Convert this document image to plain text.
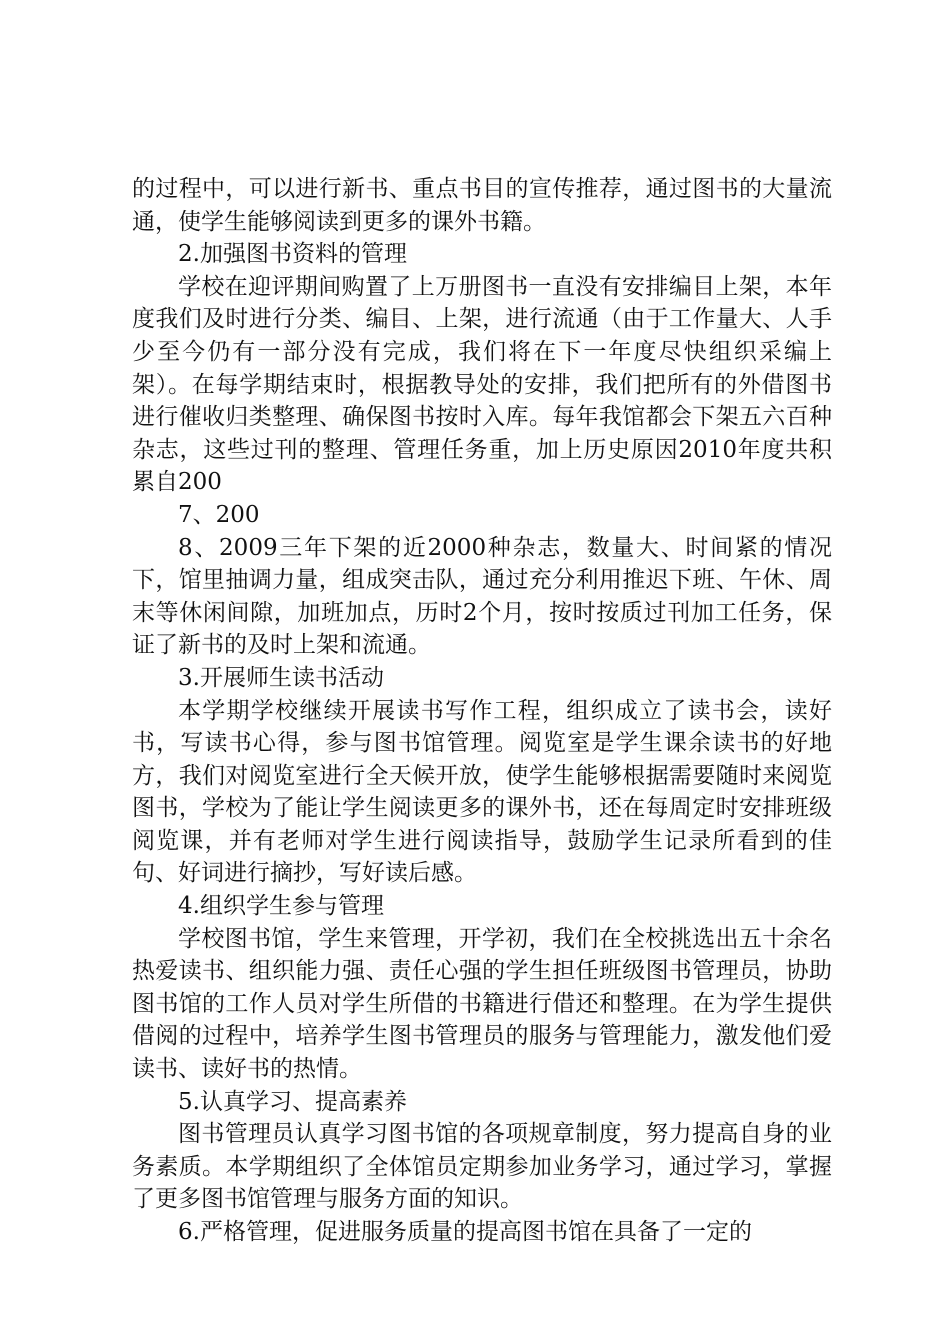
的过程中，可以进行新书、重点书目的宣传推荐，通过图书的大量流通，使学生能够阅读到更多的课外书籍。

2.加强图书资料的管理

学校在迎评期间购置了上万册图书一直没有安排编目上架，本年度我们及时进行分类、编目、上架，进行流通（由于工作量大、人手少至今仍有一部分没有完成，我们将在下一年度尽快组织采编上架）。在每学期结束时，根据教导处的安排，我们把所有的外借图书进行催收归类整理、确保图书按时入库。每年我馆都会下架五六百种杂志，这些过刊的整理、管理任务重，加上历史原因2010年度共积累自200

7、200

8、2009三年下架的近2000种杂志，数量大、时间紧的情况下，馆里抽调力量，组成突击队，通过充分利用推迟下班、午休、周末等休闲间隙，加班加点，历时2个月，按时按质过刊加工任务，保证了新书的及时上架和流通。

3.开展师生读书活动

本学期学校继续开展读书写作工程，组织成立了读书会，读好书，写读书心得，参与图书馆管理。阅览室是学生课余读书的好地方，我们对阅览室进行全天候开放，使学生能够根据需要随时来阅览图书，学校为了能让学生阅读更多的课外书，还在每周定时安排班级阅览课，并有老师对学生进行阅读指导，鼓励学生记录所看到的佳句、好词进行摘抄，写好读后感。

4.组织学生参与管理

学校图书馆，学生来管理，开学初，我们在全校挑选出五十余名热爱读书、组织能力强、责任心强的学生担任班级图书管理员，协助图书馆的工作人员对学生所借的书籍进行借还和整理。在为学生提供借阅的过程中，培养学生图书管理员的服务与管理能力，激发他们爱读书、读好书的热情。

5.认真学习、提高素养

图书管理员认真学习图书馆的各项规章制度，努力提高自身的业务素质。本学期组织了全体馆员定期参加业务学习，通过学习，掌握了更多图书馆管理与服务方面的知识。

6.严格管理，促进服务质量的提高图书馆在具备了一定的
